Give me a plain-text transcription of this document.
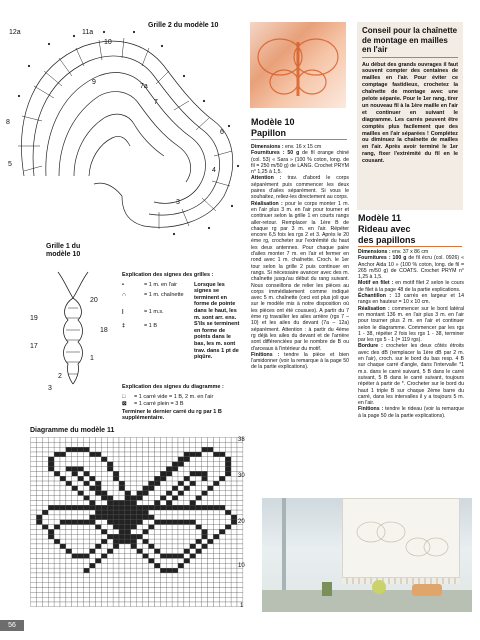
Grille 2 du modèle 10
12a	11a
10
9
8
7a
7
6
5
4
3
Grille 1 du modèle 10
20
19
18
17
1
2
3
Explication des signes des grilles :
•	= 1 m. en l'air
∩	= 1 m. chaînette
|	= 1 m.s.
‡	= 1 B
Lorsque les signes se terminent en forme de pointe dans le haut, les m. sont arr. ens. S'ils se terminent en forme de points dans le bas, les m. sont trav. dans 1 pt de piqûre.
Explication des signes du diagramme :
□	= 1 carré vide = 1 B, 2 m. en l'air
⊠	= 1 carré plein = 3 B
Terminer le dernier carré du rg par 1 B supplémentaire.
Diagramme du modèle 11
38
30
20
10
1
56
Modèle 10
Papillon

Dimensions : env. 16 x 15 cm

Fournitures : 50 g de fil orange chiné (col. 53) « Sara » (100 % coton, long. de fil = 250 m/50 g) de LANG. Crochet PRYM n° 1,25 à 1,5.

Attention : trav. d'abord le corps séparément puis commencer les deux paires d'ailes séparément. Si vous le souhaitez, reliez-les directement au corps.

Réalisation : pour le corps monter 1 m. en l'air plus 3 m. en l'air pour tourner et continuer selon la grille 1 en courts rangs aller-retour. Remplacer la 1ère B de chaque rg par 3 m. en l'air. Répéter encore 6,5 fois les rgs 2 et 3. Après le 20 ème rg, crocheter sur l'extrémité du haut les deux antennes. Pour chaque paire d'ailes monter 7 m. en l'air et fermer en rond avec 1 m. chaînette. Croch. le 1er tour selon la grille 2 puis continuer en rangs. Si nécessaire avancer avec des m. chaînette jusqu'au début du rang suivant. Nous conseillons de relier les pièces au corps immédiatement comme indiqué avec 5 m. chaînette (ceci est plus joli que sur le modèle mis à notre disposition où les pièces ont été cousues). A partir du 7 ème rg travailler les ailes arrière (rgs 7 – 10) et les ailes du devant (7a – 12a) séparément. Attention : à partir du 4ème rg déjà les ailes du devant et de l'arrière sont différenciées par le nombre de B ou d'arceaux à l'intérieur du motif.

Finitions : tendre la pièce et bien l'amidonner (voir la remarque à la page 50 de la partie explications).

Conseil pour la chaînette de montage en mailles en l'air
Au début des grands ouvrages il faut souvent compter des centaines de mailles en l'air. Pour éviter ce comptage fastidieux, crochetez la chaînette de montage avec une pelote séparée. Pour le 1er rang, tirer un nouveau fil à la 1ère maille en l'air et continuer en suivant le diagramme. Les carrés peuvent être comptés plus facilement que des mailles en l'air séparées ! Complétez ou diminuez la chaînette de mailles en l'air. Après avoir terminé le 1er rang, fixer l'extrémité du fil en le cousant.
Modèle 11
Rideau avec
des papillons

Dimensions : env. 37 x 86 cm

Fournitures : 100 g de fil écru (col. 0926) « Anchor Aida 10 » (100 % coton, long. de fil = 265 m/50 g) de COATS. Crochet PRYM n° 1,25 à 1,5.

Motif en filet : en motif filet 2 selon le cours de filet à la page 48 de la partie explications.

Échantillon : 13 carrés en largeur et 14 rangs en hauteur = 10 x 10 cm.

Réalisation : commencer sur le bord latéral en montant 136 m. en l'air plus 3 m. en l'air pour tourner plus 2 m. en l'air et continuer selon le diagramme. Commencer par les rgs 1 - 38, répéter 2 fois les rgs 1 - 38, terminer par les rgs 5 - 1 (= 119 rgs).

Bordure : crocheter les deux côtés étroits avec des dB (remplacer la 1ère dB par 2 m. en l'air), croch. sur le bord du bas resp. 4 B sur chaque carré d'angle, dans l'intervalle *1 m.s. dans le carré suivant, 5 B dans le carré suivant, 5 B dans le carré suivant, toujours répéter à partir de *. Crocheter sur le bord du haut 1 triple B sur chaque 2ème barre du carré, dans les intervalles il y a toujours 5 m. en l'air.

Finitions : tendre le rideau (voir la remarque à la page 50 de la partie explications).
